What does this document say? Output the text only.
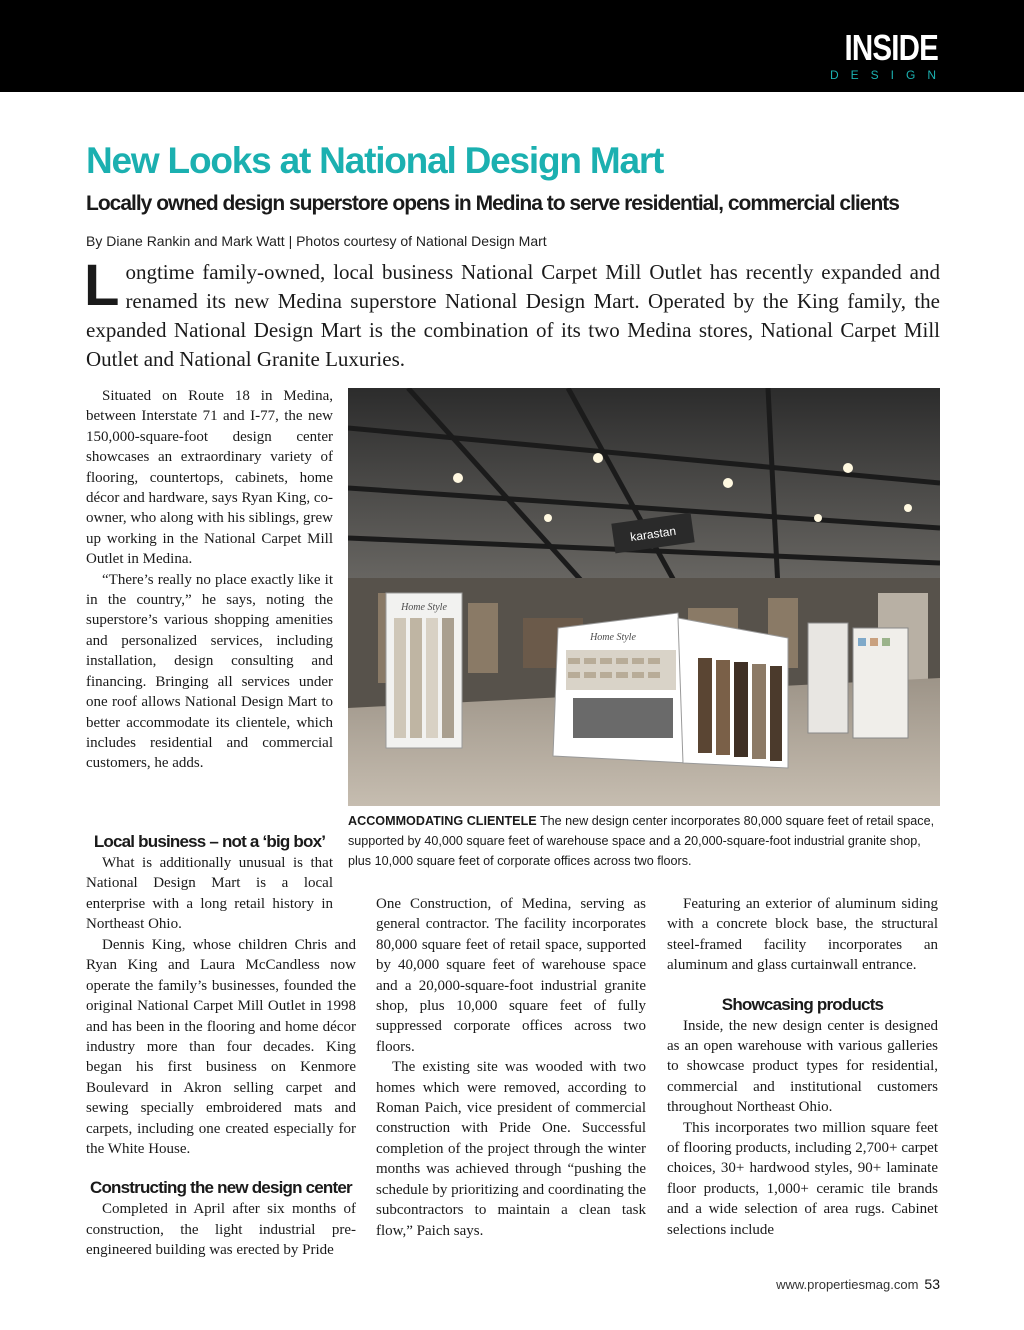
INSIDE
DESIGN
New Looks at National Design Mart
Locally owned design superstore opens in Medina to serve residential, commercial clients
By Diane Rankin and Mark Watt | Photos courtesy of National Design Mart

Longtime family-owned, local business National Carpet Mill Outlet has recently expanded and renamed its new Medina superstore National Design Mart. Operated by the King family, the expanded National Design Mart is the combination of its two Medina stores, National Carpet Mill Outlet and National Granite Luxuries.

Situated on Route 18 in Medina, between Interstate 71 and I-77, the new 150,000-square-foot design center showcases an extraordinary variety of flooring, countertops, cabinets, home décor and hardware, says Ryan King, co-owner, who along with his siblings, grew up working in the National Carpet Mill Outlet in Medina.

“There’s really no place exactly like it in the country,” he says, noting the superstore’s various shopping amenities and personalized services, including installation, design consulting and financing. Bringing all services under one roof allows National Design Mart to better accommodate its clientele, which includes residential and commercial customers, he adds.

Local business – not a ‘big box’

What is additionally unusual is that National Design Mart is a local enterprise with a long retail history in Northeast Ohio.

Dennis King, whose children Chris and Ryan King and Laura McCandless now operate the family’s businesses, founded the original National Carpet Mill Outlet in 1998 and has been in the flooring and home décor industry more than four decades. King began his first business on Kenmore Boulevard in Akron selling carpet and sewing specially embroidered mats and carpets, including one created especially for the White House.

Constructing the new design center

Completed in April after six months of construction, the light industrial pre-engineered building was erected by Pride

karastan
Home Style
Home Style

ACCOMMODATING CLIENTELE The new design center incorporates 80,000 square feet of retail space, supported by 40,000 square feet of warehouse space and a 20,000-square-foot industrial granite shop, plus 10,000 square feet of corporate offices across two floors.

One Construction, of Medina, serving as general contractor. The facility incorporates 80,000 square feet of retail space, supported by 40,000 square feet of warehouse space and a 20,000-square-foot industrial granite shop, plus 10,000 square feet of fully suppressed corporate offices across two floors.

The existing site was wooded with two homes which were removed, according to Roman Paich, vice president of commercial construction with Pride One. Successful completion of the project through the winter months was achieved through “pushing the schedule by prioritizing and coordinating the subcontractors to maintain a clean task flow,” Paich says.

Featuring an exterior of aluminum siding with a concrete block base, the structural steel-framed facility incorporates an aluminum and glass curtainwall entrance.

Showcasing products

Inside, the new design center is designed as an open warehouse with various galleries to showcase product types for residential, commercial and institutional customers throughout Northeast Ohio.

This incorporates two million square feet of flooring products, including 2,700+ carpet choices, 30+ hardwood styles, 90+ laminate floor products, 1,000+ ceramic tile brands and a wide selection of area rugs. Cabinet selections include

www.propertiesmag.com 53
